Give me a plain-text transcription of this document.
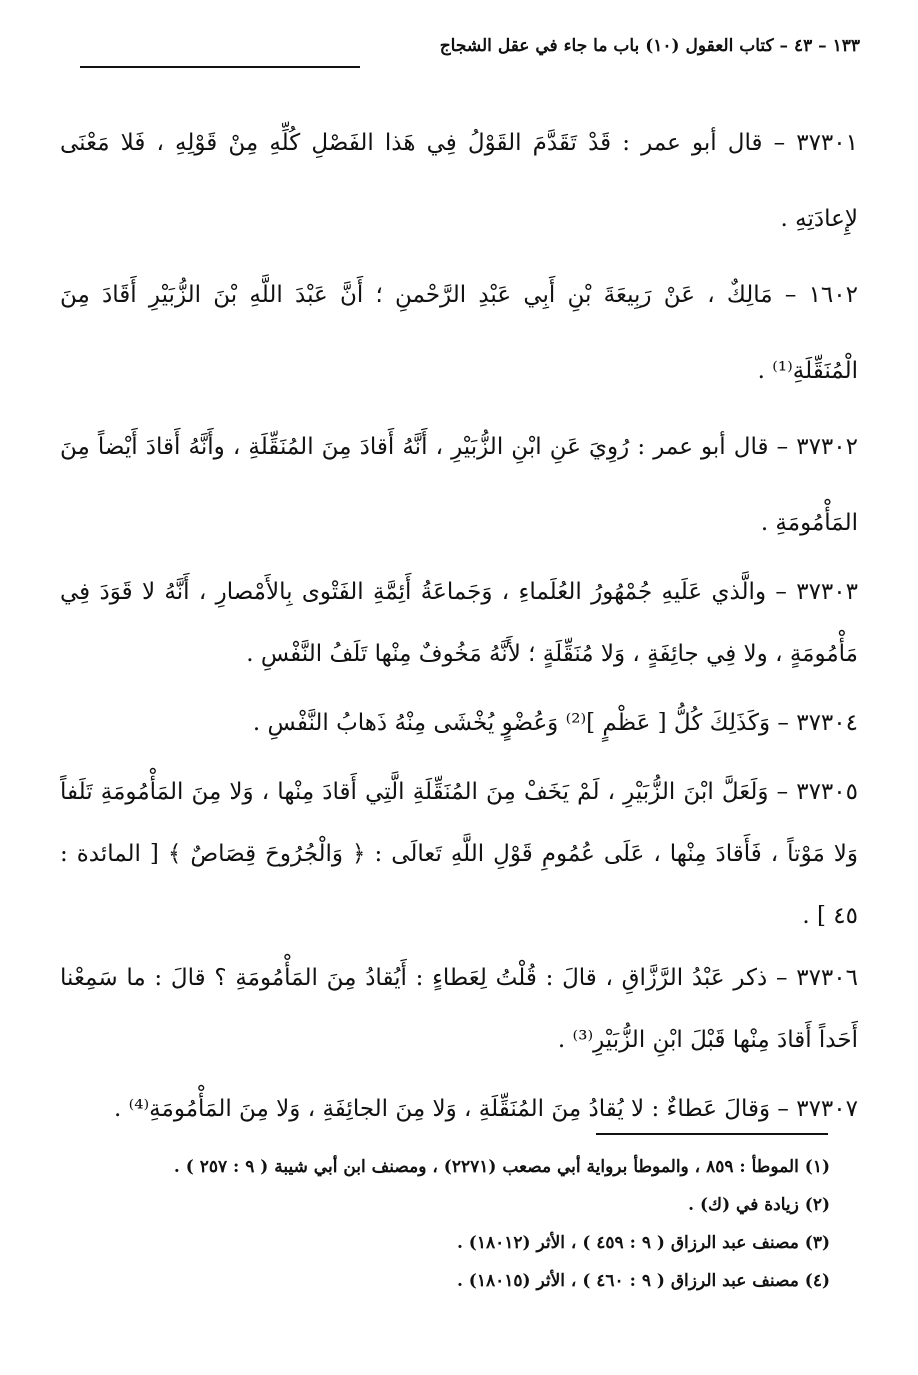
١٣٣ – ٤٣ – كتاب العقول (١٠) باب ما جاء في عقل الشجاج

٣٧٣٠١ – قال أبو عمر : قَدْ تَقَدَّمَ القَوْلُ فِي هَذا الفَصْلِ كُلِّهِ مِنْ قَوْلِهِ ، فَلا مَعْنَى لإِعادَتِهِ .

١٦٠٢ – مَالِكٌ ، عَنْ رَبِيعَةَ بْنِ أَبِي عَبْدِ الرَّحْمنِ ؛ أَنَّ عَبْدَ اللَّهِ بْنَ الزُّبَيْرِ أَقَادَ مِنَ الْمُنَقِّلَةِ⁽¹⁾ .

٣٧٣٠٢ – قال أبو عمر : رُوِيَ عَنِ ابْنِ الزُّبَيْرِ ، أَنَّهُ أَقادَ مِنَ المُنَقِّلَةِ ، وأَنَّهُ أَقادَ أَيْضاً مِنَ المَأْمُومَةِ .

٣٧٣٠٣ – والَّذي عَلَيهِ جُمْهُورُ العُلَماءِ ، وَجَماعَةُ أَئِمَّةِ الفَتْوى بِالأَمْصارِ ، أَنَّهُ لا قَوَدَ فِي مَأْمُومَةٍ ، ولا فِي جائِفَةٍ ، وَلا مُنَقِّلَةٍ ؛ لأَنَّهُ مَخُوفٌ مِنْها تَلَفُ النَّفْسِ .

٣٧٣٠٤ – وَكَذَلِكَ كُلُّ [ عَظْمٍ ]⁽²⁾ وَعُضْوٍ يُخْشَى مِنْهُ ذَهابُ النَّفْسِ .

٣٧٣٠٥ – وَلَعَلَّ ابْنَ الزُّبَيْرِ ، لَمْ يَخَفْ مِنَ المُنَقِّلَةِ الَّتِي أَقادَ مِنْها ، وَلا مِنَ المَأْمُومَةِ تَلَفاً وَلا مَوْتاً ، فَأَقادَ مِنْها ، عَلَى عُمُومِ قَوْلِ اللَّهِ تَعالَى : ﴿ وَالْجُرُوحَ قِصَاصٌ ﴾ [ المائدة : ٤٥ ] .

٣٧٣٠٦ – ذكر عَبْدُ الرَّزَّاقِ ، قالَ : قُلْتُ لِعَطاءٍ : أَيُقادُ مِنَ المَأْمُومَةِ ؟ قالَ : ما سَمِعْنا أَحَداً أَقادَ مِنْها قَبْلَ ابْنِ الزُّبَيْرِ⁽³⁾ .

٣٧٣٠٧ – وَقالَ عَطاءٌ : لا يُقادُ مِنَ المُنَقِّلَةِ ، وَلا مِنَ الجائِفَةِ ، وَلا مِنَ المَأْمُومَةِ⁽⁴⁾ .

(١) الموطأ : ٨٥٩ ، والموطأ برواية أبي مصعب (٢٢٧١) ، ومصنف ابن أبي شيبة ( ٩ : ٢٥٧ ) .

(٢) زيادة في (ك) .

(٣) مصنف عبد الرزاق ( ٩ : ٤٥٩ ) ، الأثر (١٨٠١٢) .

(٤) مصنف عبد الرزاق ( ٩ : ٤٦٠ ) ، الأثر (١٨٠١٥) .
